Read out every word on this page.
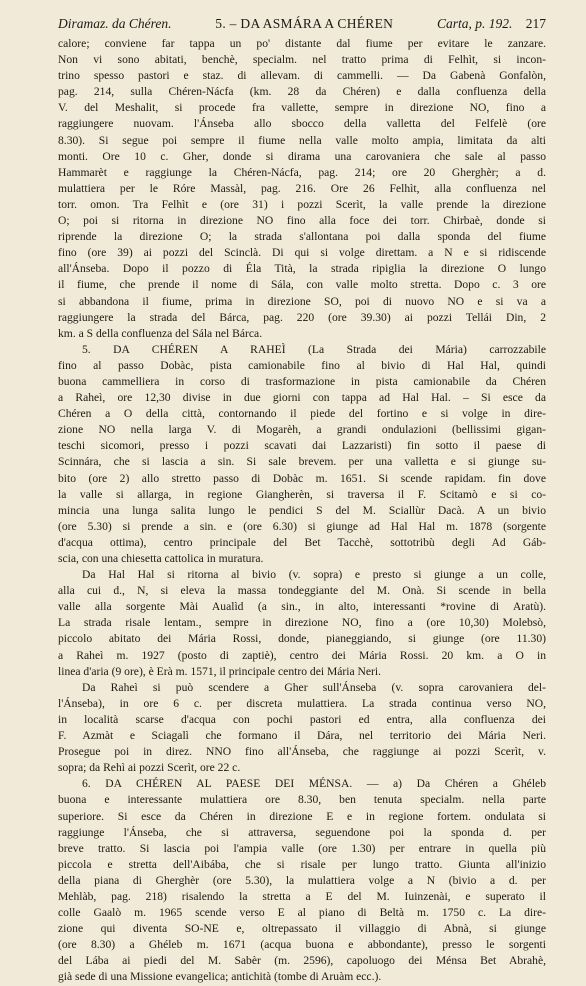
Diramaz. da Chéren.	5. – DA ASMÁRA A CHÉREN	Carta, p. 192. 217
calore; conviene far tappa un po' distante dal fiume per evitare le zanzare.
Non vi sono abitati, benchè, specialm. nel tratto prima di Felhìt, si incon-
trino spesso pastori e staz. di allevam. di cammelli. — Da Gabenà Gonfalòn,
pag. 214, sulla Chéren-Nácfa (km. 28 da Chéren) e dalla confluenza della
V. del Meshalit, si procede fra vallette, sempre in direzione NO, fino a
raggiungere nuovam. l'Ánseba allo sbocco della valletta del Felfelè (ore
8.30). Si segue poi sempre il fiume nella valle molto ampia, limitata da alti
monti. Ore 10 c. Gher, donde si dirama una carovaniera che sale al passo
Hammarèt e raggiunge la Chéren-Nácfa, pag. 214; ore 20 Gherghèr; a d.
mulattiera per le Róre Massàl, pag. 216. Ore 26 Felhìt, alla confluenza nel
torr. omon. Tra Felhìt e (ore 31) i pozzi Scerìt, la valle prende la direzione
O; poi si ritorna in direzione NO fino alla foce dei torr. Chirbaè, donde si
riprende la direzione O; la strada s'allontana poi dalla sponda del fiume
fino (ore 39) ai pozzi del Scinclà. Di qui si volge direttam. a N e si ridiscende
all'Ánseba. Dopo il pozzo di Éla Tità, la strada ripiglia la direzione O lungo
il fiume, che prende il nome di Sála, con valle molto stretta. Dopo c. 3 ore
si abbandona il fiume, prima in direzione SO, poi di nuovo NO e si va a
raggiungere la strada del Bárca, pag. 220 (ore 39.30) ai pozzi Tellái Din, 2
km. a S della confluenza del Sála nel Bárca.
5. DA CHÉREN A RAHEÌ (La Strada dei Mária) carrozzabile
fino al passo Dobàc, pista camionabile fino al bivio di Hal Hal, quindi
buona cammelliera in corso di trasformazione in pista camionabile da Chéren
a Raheì, ore 12,30 divise in due giorni con tappa ad Hal Hal. – Si esce da
Chéren a O della città, contornando il piede del fortino e si volge in dire-
zione NO nella larga V. di Mogarèh, a grandi ondulazioni (bellissimi gigan-
teschi sicomori, presso i pozzi scavati dai Lazzaristi) fin sotto il paese di
Scinnára, che si lascia a sin. Si sale brevem. per una valletta e si giunge su-
bito (ore 2) allo stretto passo di Dobàc m. 1651. Si scende rapidam. fin dove
la valle si allarga, in regione Giangherèn, si traversa il F. Scitamò e si co-
mincia una lunga salita lungo le pendici S del M. Sciallùr Dacà. A un bivio
(ore 5.30) si prende a sin. e (ore 6.30) si giunge ad Hal Hal m. 1878 (sorgente
d'acqua ottima), centro principale del Bet Tacchè, sottotribù degli Ad Gáb-
scia, con una chiesetta cattolica in muratura.
Da Hal Hal si ritorna al bivio (v. sopra) e presto si giunge a un colle,
alla cui d., N, si eleva la massa tondeggiante del M. Onà. Si scende in bella
valle alla sorgente Mài Aualìd (a sin., in alto, interessanti *rovine di Aratù).
La strada risale lentam., sempre in direzione NO, fino a (ore 10,30) Molebsò,
piccolo abitato dei Mária Rossi, donde, pianeggiando, si giunge (ore 11.30)
a Raheì m. 1927 (posto di zaptiè), centro dei Mária Rossi. 20 km. a O in
linea d'aria (9 ore), è Erà m. 1571, il principale centro dei Mária Neri.
Da Raheì si può scendere a Gher sull'Ánseba (v. sopra carovaniera del-
l'Ánseba), in ore 6 c. per discreta mulattiera. La strada continua verso NO,
in località scarse d'acqua con pochi pastori ed entra, alla confluenza dei
F. Azmàt e Sciagalì che formano il Dára, nel territorio dei Mária Neri.
Prosegue poi in direz. NNO fino all'Ánseba, che raggiunge ai pozzi Scerìt, v.
sopra; da Rehì ai pozzi Scerìt, ore 22 c.
6. DA CHÉREN AL PAESE DEI MÉNSA. — a) Da Chéren a Ghéleb
buona e interessante mulattiera ore 8.30, ben tenuta specialm. nella parte
superiore. Si esce da Chéren in direzione E e in regione fortem. ondulata si
raggiunge l'Ánseba, che si attraversa, seguendone poi la sponda d. per
breve tratto. Si lascia poi l'ampia valle (ore 1.30) per entrare in quella più
piccola e stretta dell'Aibába, che si risale per lungo tratto. Giunta all'inizio
della piana di Gherghèr (ore 5.30), la mulattiera volge a N (bivio a d. per
Mehlàb, pag. 218) risalendo la stretta a E del M. Iuinzenài, e superato il
colle Gaalò m. 1965 scende verso E al piano di Beltà m. 1750 c. La dire-
zione qui diventa SO-NE e, oltrepassato il villaggio di Abnà, si giunge
(ore 8.30) a Ghéleb m. 1671 (acqua buona e abbondante), presso le sorgenti
del Lába ai piedi del M. Sabèr (m. 2596), capoluogo dei Ménsa Bet Abrahè,
già sede di una Missione evangelica; antichità (tombe di Aruàm ecc.).
